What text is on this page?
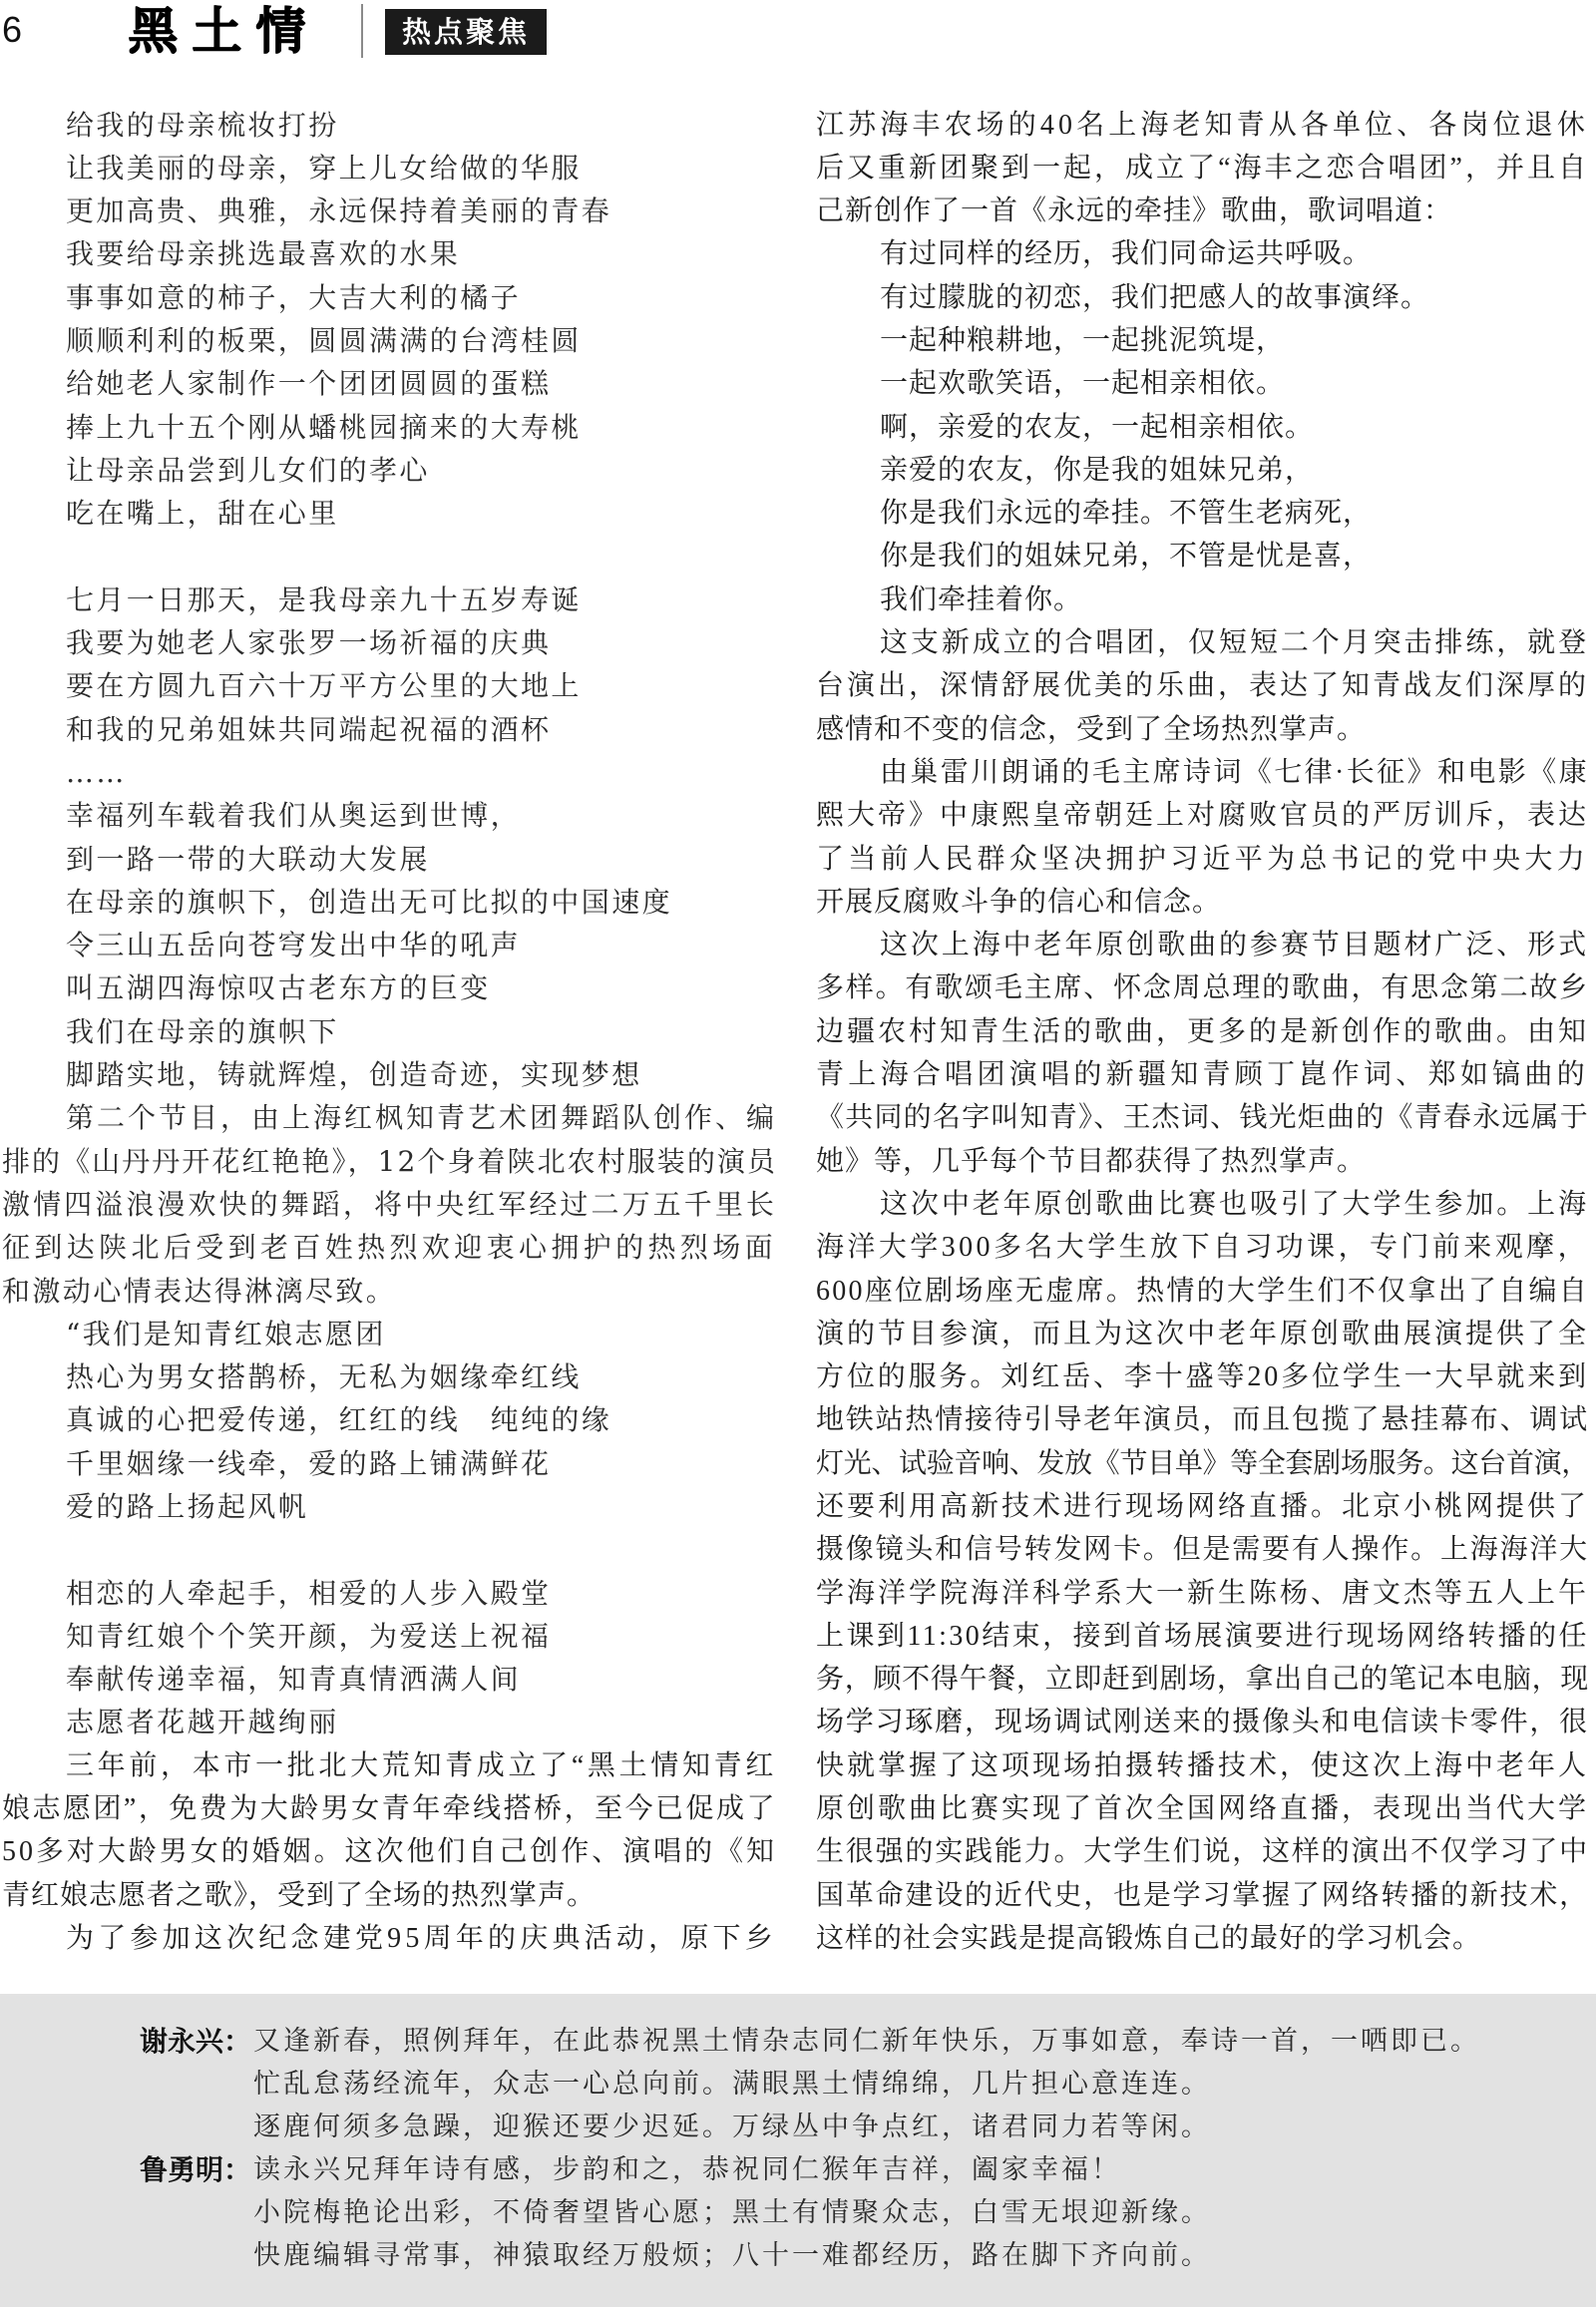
6 黑土情	热点聚焦
给我的母亲梳妆打扮
让我美丽的母亲，穿上儿女给做的华服
更加高贵、典雅，永远保持着美丽的青春
我要给母亲挑选最喜欢的水果
事事如意的柿子，大吉大利的橘子
顺顺利利的板栗，圆圆满满的台湾桂圆
给她老人家制作一个团团圆圆的蛋糕
捧上九十五个刚从蟠桃园摘来的大寿桃
让母亲品尝到儿女们的孝心
吃在嘴上，甜在心里
七月一日那天，是我母亲九十五岁寿诞
我要为她老人家张罗一场祈福的庆典
要在方圆九百六十万平方公里的大地上
和我的兄弟姐妹共同端起祝福的酒杯
……
幸福列车载着我们从奥运到世博，
到一路一带的大联动大发展
在母亲的旗帜下，创造出无可比拟的中国速度
令三山五岳向苍穹发出中华的吼声
叫五湖四海惊叹古老东方的巨变
我们在母亲的旗帜下
脚踏实地，铸就辉煌，创造奇迹，实现梦想
第二个节目，由上海红枫知青艺术团舞蹈队创作、编
排的《山丹丹开花红艳艳》，12个身着陕北农村服装的演员
激情四溢浪漫欢快的舞蹈，将中央红军经过二万五千里长
征到达陕北后受到老百姓热烈欢迎衷心拥护的热烈场面
和激动心情表达得淋漓尽致。
“我们是知青红娘志愿团
热心为男女搭鹊桥，无私为姻缘牵红线
真诚的心把爱传递，红红的线　纯纯的缘
千里姻缘一线牵，爱的路上铺满鲜花
爱的路上扬起风帆
相恋的人牵起手，相爱的人步入殿堂
知青红娘个个笑开颜，为爱送上祝福
奉献传递幸福，知青真情洒满人间
志愿者花越开越绚丽
三年前，本市一批北大荒知青成立了“黑土情知青红
娘志愿团”，免费为大龄男女青年牵线搭桥，至今已促成了
50多对大龄男女的婚姻。这次他们自己创作、演唱的《知
青红娘志愿者之歌》，受到了全场的热烈掌声。
为了参加这次纪念建党95周年的庆典活动，原下乡
江苏海丰农场的40名上海老知青从各单位、各岗位退休
后又重新团聚到一起，成立了“海丰之恋合唱团”，并且自
己新创作了一首《永远的牵挂》歌曲，歌词唱道：
有过同样的经历，我们同命运共呼吸。
有过朦胧的初恋，我们把感人的故事演绎。
一起种粮耕地，一起挑泥筑堤，
一起欢歌笑语，一起相亲相依。
啊，亲爱的农友，一起相亲相依。
亲爱的农友，你是我的姐妹兄弟，
你是我们永远的牵挂。不管生老病死，
你是我们的姐妹兄弟，不管是忧是喜，
我们牵挂着你。
这支新成立的合唱团，仅短短二个月突击排练，就登
台演出，深情舒展优美的乐曲，表达了知青战友们深厚的
感情和不变的信念，受到了全场热烈掌声。
由巢雷川朗诵的毛主席诗词《七律·长征》和电影《康
熙大帝》中康熙皇帝朝廷上对腐败官员的严厉训斥，表达
了当前人民群众坚决拥护习近平为总书记的党中央大力
开展反腐败斗争的信心和信念。
这次上海中老年原创歌曲的参赛节目题材广泛、形式
多样。有歌颂毛主席、怀念周总理的歌曲，有思念第二故乡
边疆农村知青生活的歌曲，更多的是新创作的歌曲。由知
青上海合唱团演唱的新疆知青顾丁崑作词、郑如镐曲的
《共同的名字叫知青》、王杰词、钱光炬曲的《青春永远属于
她》等，几乎每个节目都获得了热烈掌声。
这次中老年原创歌曲比赛也吸引了大学生参加。上海
海洋大学300多名大学生放下自习功课，专门前来观摩，
600座位剧场座无虚席。热情的大学生们不仅拿出了自编自
演的节目参演，而且为这次中老年原创歌曲展演提供了全
方位的服务。刘红岳、李十盛等20多位学生一大早就来到
地铁站热情接待引导老年演员，而且包揽了悬挂幕布、调试
灯光、试验音响、发放《节目单》等全套剧场服务。这台首演，
还要利用高新技术进行现场网络直播。北京小桃网提供了
摄像镜头和信号转发网卡。但是需要有人操作。上海海洋大
学海洋学院海洋科学系大一新生陈杨、唐文杰等五人上午
上课到11:30结束，接到首场展演要进行现场网络转播的任
务，顾不得午餐，立即赶到剧场，拿出自己的笔记本电脑，现
场学习琢磨，现场调试刚送来的摄像头和电信读卡零件，很
快就掌握了这项现场拍摄转播技术，使这次上海中老年人
原创歌曲比赛实现了首次全国网络直播，表现出当代大学
生很强的实践能力。大学生们说，这样的演出不仅学习了中
国革命建设的近代史，也是学习掌握了网络转播的新技术，
这样的社会实践是提高锻炼自己的最好的学习机会。
谢永兴： 又逢新春，照例拜年，在此恭祝黑土情杂志同仁新年快乐，万事如意，奉诗一首，一哂即已。
忙乱怠荡经流年，众志一心总向前。满眼黑土情绵绵，几片担心意连连。
逐鹿何须多急躁，迎猴还要少迟延。万绿丛中争点红，诸君同力若等闲。
鲁勇明： 读永兴兄拜年诗有感，步韵和之，恭祝同仁猴年吉祥，阖家幸福！
小院梅艳论出彩，不倚奢望皆心愿；黑土有情聚众志，白雪无垠迎新缘。
快鹿编辑寻常事，神猿取经万般烦；八十一难都经历，路在脚下齐向前。
